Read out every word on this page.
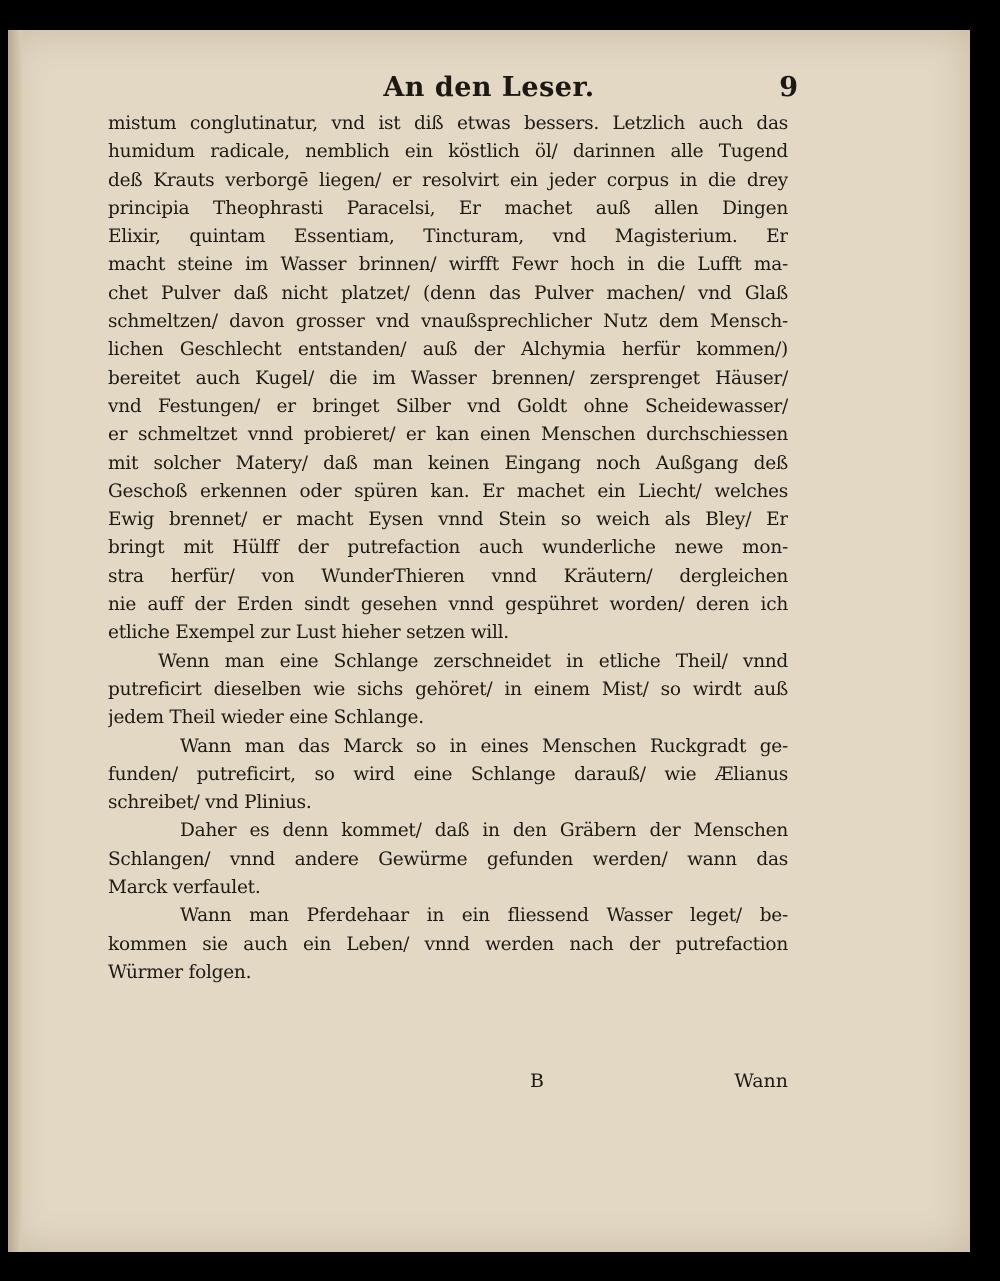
An den Leser.	9
mistum conglutinatur, vnd ist diß etwas bessers. Letzlich auch das
humidum radicale, nemblich ein köstlich öl/ darinnen alle Tugend
deß Krauts verborgē liegen/ er resolvirt ein jeder corpus in die drey
principia Theophrasti Paracelsi, Er machet auß allen Dingen
Elixir, quintam Essentiam, Tincturam, vnd Magisterium. Er
macht steine im Wasser brinnen/ wirfft Fewr hoch in die Lufft ma-
chet Pulver daß nicht platzet/ (denn das Pulver machen/ vnd Glaß
schmeltzen/ davon grosser vnd vnaußsprechlicher Nutz dem Mensch-
lichen Geschlecht entstanden/ auß der Alchymia herfür kommen/)
bereitet auch Kugel/ die im Wasser brennen/ zersprenget Häuser/
vnd Festungen/ er bringet Silber vnd Goldt ohne Scheidewasser/
er schmeltzet vnnd probieret/ er kan einen Menschen durchschiessen
mit solcher Matery/ daß man keinen Eingang noch Außgang deß
Geschoß erkennen oder spüren kan. Er machet ein Liecht/ welches
Ewig brennet/ er macht Eysen vnnd Stein so weich als Bley/ Er
bringt mit Hülff der putrefaction auch wunderliche newe mon-
stra herfür/ von WunderThieren vnnd Kräutern/ dergleichen
nie auff der Erden sindt gesehen vnnd gespühret worden/ deren ich
etliche Exempel zur Lust hieher setzen will.
Wenn man eine Schlange zerschneidet in etliche Theil/ vnnd
putreficirt dieselben wie sichs gehöret/ in einem Mist/ so wirdt auß
jedem Theil wieder eine Schlange.
Wann man das Marck so in eines Menschen Ruckgradt ge-
funden/ putreficirt, so wird eine Schlange darauß/ wie Ælianus
schreibet/ vnd Plinius.
Daher es denn kommet/ daß in den Gräbern der Menschen
Schlangen/ vnnd andere Gewürme gefunden werden/ wann das
Marck verfaulet.
Wann man Pferdehaar in ein fliessend Wasser leget/ be-
kommen sie auch ein Leben/ vnnd werden nach der putrefaction
Würmer folgen.
B	Wann
